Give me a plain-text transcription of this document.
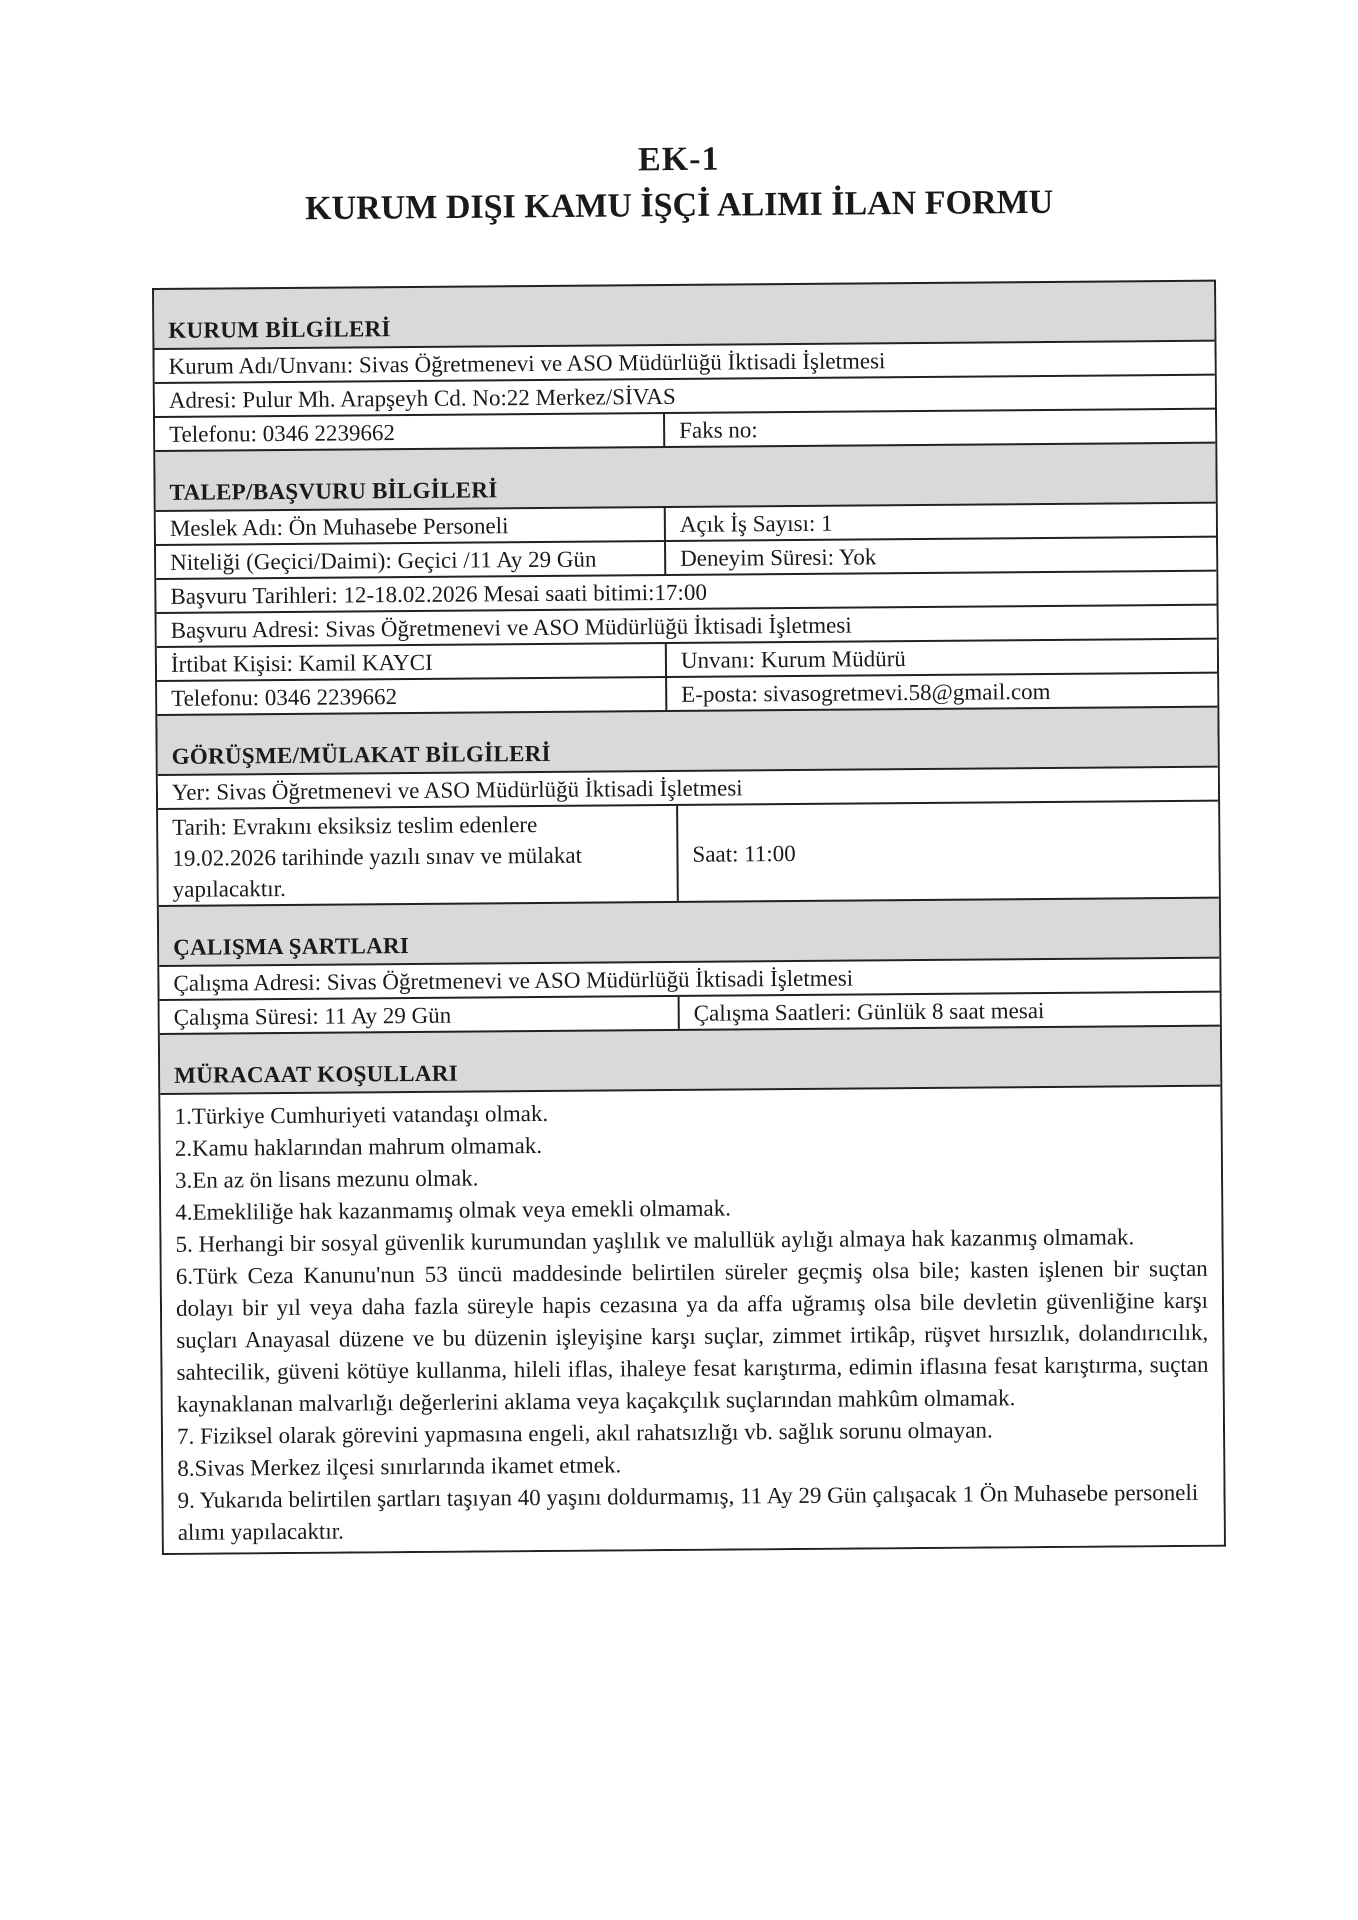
EK-1
KURUM DIŞI KAMU İŞÇİ ALIMI İLAN FORMU
KURUM BİLGİLERİ
Kurum Adı/Unvanı: Sivas Öğretmenevi ve ASO Müdürlüğü İktisadi İşletmesi
Adresi: Pulur Mh. Arapşeyh Cd. No:22 Merkez/SİVAS
Telefonu: 0346 2239662	Faks no:
TALEP/BAŞVURU BİLGİLERİ
Meslek Adı: Ön Muhasebe Personeli	Açık İş Sayısı: 1
Niteliği (Geçici/Daimi): Geçici /11 Ay 29 Gün	Deneyim Süresi: Yok
Başvuru Tarihleri: 12-18.02.2026 Mesai saati bitimi:17:00
Başvuru Adresi: Sivas Öğretmenevi ve ASO Müdürlüğü İktisadi İşletmesi
İrtibat Kişisi: Kamil KAYCI	Unvanı: Kurum Müdürü
Telefonu: 0346 2239662	E-posta: sivasogretmevi.58@gmail.com
GÖRÜŞME/MÜLAKAT BİLGİLERİ
Yer: Sivas Öğretmenevi ve ASO Müdürlüğü İktisadi İşletmesi
Tarih: Evrakını eksiksiz teslim edenlere 19.02.2026 tarihinde yazılı sınav ve mülakat yapılacaktır.
Saat: 11:00
ÇALIŞMA ŞARTLARI
Çalışma Adresi: Sivas Öğretmenevi ve ASO Müdürlüğü İktisadi İşletmesi
Çalışma Süresi: 11 Ay 29 Gün	Çalışma Saatleri: Günlük 8 saat mesai
MÜRACAAT KOŞULLARI

1.Türkiye Cumhuriyeti vatandaşı olmak.

2.Kamu haklarından mahrum olmamak.

3.En az ön lisans mezunu olmak.

4.Emekliliğe hak kazanmamış olmak veya emekli olmamak.

5. Herhangi bir sosyal güvenlik kurumundan yaşlılık ve malullük aylığı almaya hak kazanmış olmamak.

6.Türk Ceza Kanunu'nun 53 üncü maddesinde belirtilen süreler geçmiş olsa bile; kasten işlenen bir suçtan dolayı bir yıl veya daha fazla süreyle hapis cezasına ya da affa uğramış olsa bile devletin güvenliğine karşı suçları Anayasal düzene ve bu düzenin işleyişine karşı suçlar, zimmet irtikâp, rüşvet hırsızlık, dolandırıcılık, sahtecilik, güveni kötüye kullanma, hileli iflas, ihaleye fesat karıştırma, edimin iflasına fesat karıştırma, suçtan kaynaklanan malvarlığı değerlerini aklama veya kaçakçılık suçlarından mahkûm olmamak.

7. Fiziksel olarak görevini yapmasına engeli, akıl rahatsızlığı vb. sağlık sorunu olmayan.

8.Sivas Merkez ilçesi sınırlarında ikamet etmek.

9. Yukarıda belirtilen şartları taşıyan 40 yaşını doldurmamış, 11 Ay 29 Gün çalışacak 1 Ön Muhasebe personeli alımı yapılacaktır.
